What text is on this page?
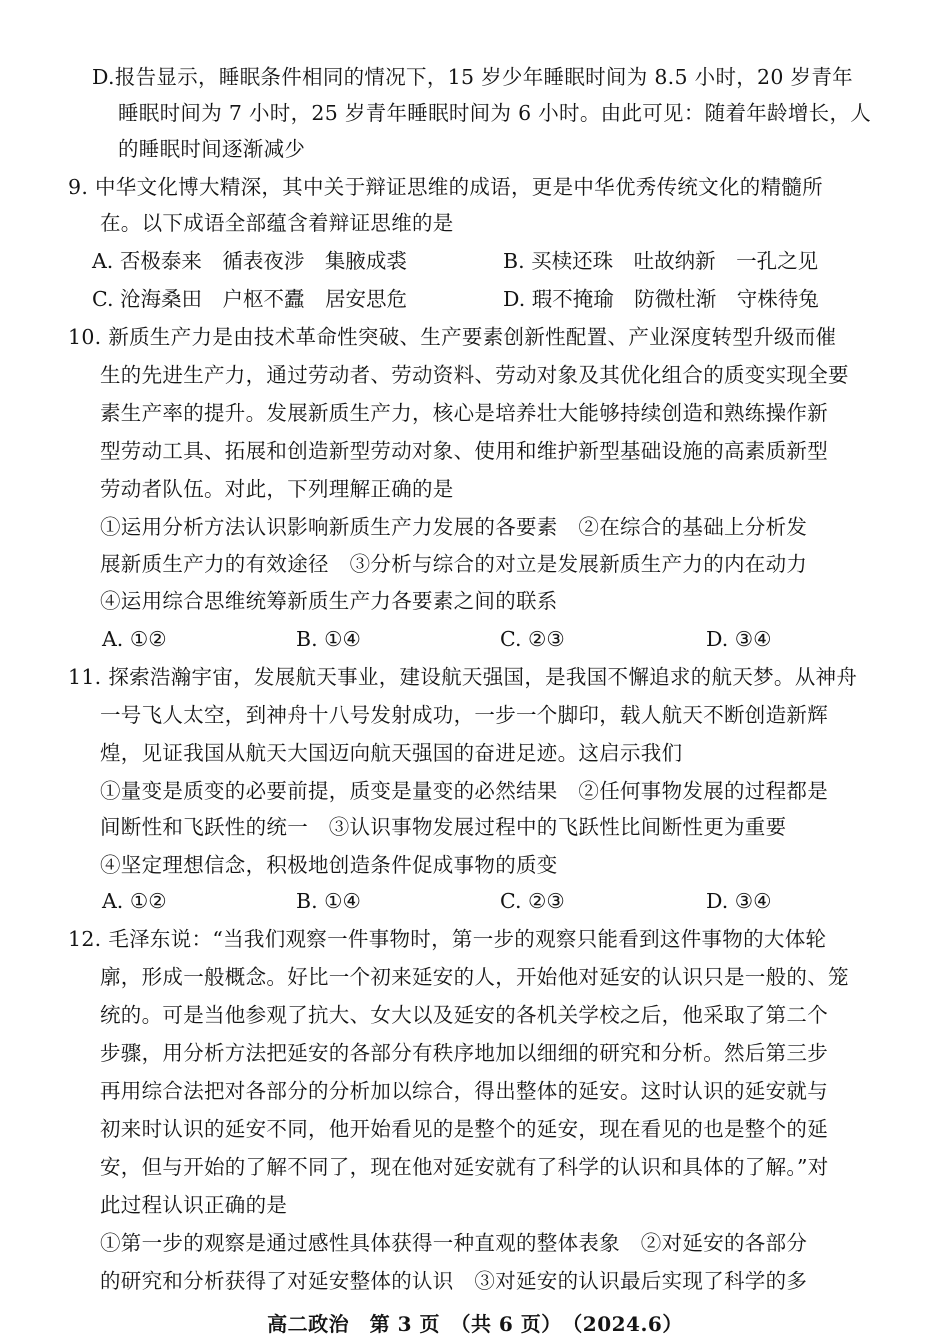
D.报告显示，睡眠条件相同的情况下，15 岁少年睡眠时间为 8.5 小时，20 岁青年
睡眠时间为 7 小时，25 岁青年睡眠时间为 6 小时。由此可见：随着年龄增长，人
的睡眠时间逐渐减少
9. 中华文化博大精深，其中关于辩证思维的成语，更是中华优秀传统文化的精髓所
在。以下成语全部蕴含着辩证思维的是
A. 否极泰来　循表夜涉　集腋成裘	B. 买椟还珠　吐故纳新　一孔之见
C. 沧海桑田　户枢不蠹　居安思危	D. 瑕不掩瑜　防微杜渐　守株待兔
10. 新质生产力是由技术革命性突破、生产要素创新性配置、产业深度转型升级而催
生的先进生产力，通过劳动者、劳动资料、劳动对象及其优化组合的质变实现全要
素生产率的提升。发展新质生产力，核心是培养壮大能够持续创造和熟练操作新
型劳动工具、拓展和创造新型劳动对象、使用和维护新型基础设施的高素质新型
劳动者队伍。对此，下列理解正确的是
①运用分析方法认识影响新质生产力发展的各要素　②在综合的基础上分析发
展新质生产力的有效途径　③分析与综合的对立是发展新质生产力的内在动力
④运用综合思维统筹新质生产力各要素之间的联系
A. ①②	B. ①④	C. ②③	D. ③④
11. 探索浩瀚宇宙，发展航天事业，建设航天强国，是我国不懈追求的航天梦。从神舟
一号飞人太空，到神舟十八号发射成功，一步一个脚印，载人航天不断创造新辉
煌，见证我国从航天大国迈向航天强国的奋进足迹。这启示我们
①量变是质变的必要前提，质变是量变的必然结果　②任何事物发展的过程都是
间断性和飞跃性的统一　③认识事物发展过程中的飞跃性比间断性更为重要
④坚定理想信念，积极地创造条件促成事物的质变
A. ①②	B. ①④	C. ②③	D. ③④
12. 毛泽东说：“当我们观察一件事物时，第一步的观察只能看到这件事物的大体轮
廓，形成一般概念。好比一个初来延安的人，开始他对延安的认识只是一般的、笼
统的。可是当他参观了抗大、女大以及延安的各机关学校之后，他采取了第二个
步骤，用分析方法把延安的各部分有秩序地加以细细的研究和分析。然后第三步
再用综合法把对各部分的分析加以综合，得出整体的延安。这时认识的延安就与
初来时认识的延安不同，他开始看见的是整个的延安，现在看见的也是整个的延
安，但与开始的了解不同了，现在他对延安就有了科学的认识和具体的了解。”对
此过程认识正确的是
①第一步的观察是通过感性具体获得一种直观的整体表象　②对延安的各部分
的研究和分析获得了对延安整体的认识　③对延安的认识最后实现了科学的多
高二政治　第 3 页　（共 6 页）　（2024.6）
